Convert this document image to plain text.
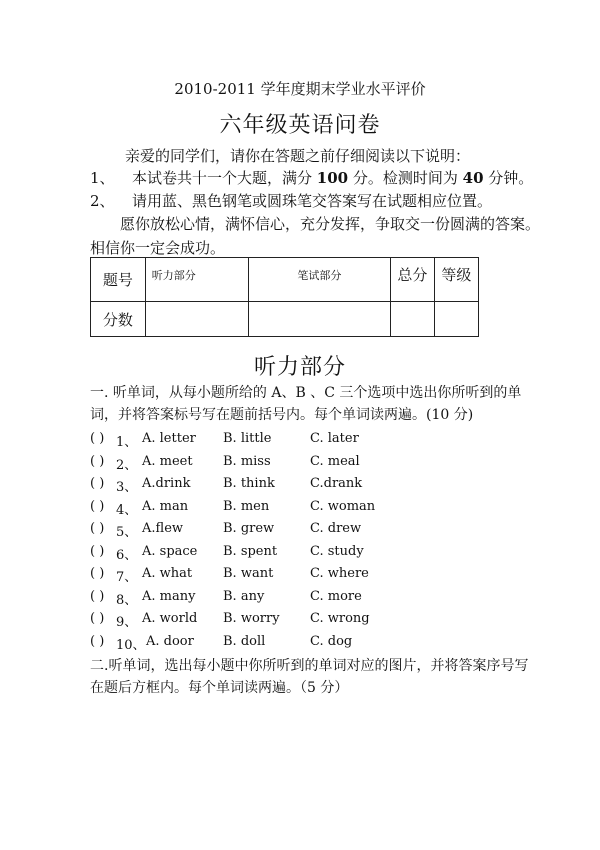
2010-2011 学年度期末学业水平评价
六年级英语问卷
亲爱的同学们，请你在答题之前仔细阅读以下说明：
1、 本试卷共十一个大题，满分 100 分。检测时间为 40 分钟。
2、 请用蓝、黑色钢笔或圆珠笔交答案写在试题相应位置。
愿你放松心情，满怀信心，充分发挥，争取交一份圆满的答案。相信你一定会成功。
题号	听力部分	笔试部分	总分	等级
分数				
听力部分
一. 听单词，从每小题所给的 A、B 、C 三个选项中选出你所听到的单词，并将答案标号写在题前括号内。每个单词读两遍。(10 分)
( ) 1、 A. letter B. little	C. later
( ) 2、 A. meet B. miss	C. meal
( ) 3、 A.drink	B. think	C.drank
( ) 4、 A. man	B. men	C. woman
( ) 5、 A.flew	B. grew	C. drew
( ) 6、 A. space B. spent	C. study
( ) 7、 A. what B. want	C. where
( ) 8、 A. many B. any	C. more
( ) 9、 A. world B. worry C. wrong
( ) 10、 A. door B. doll	C. dog
二.听单词，选出每小题中你所听到的单词对应的图片，并将答案序号写在题后方框内。每个单词读两遍。（5 分）
